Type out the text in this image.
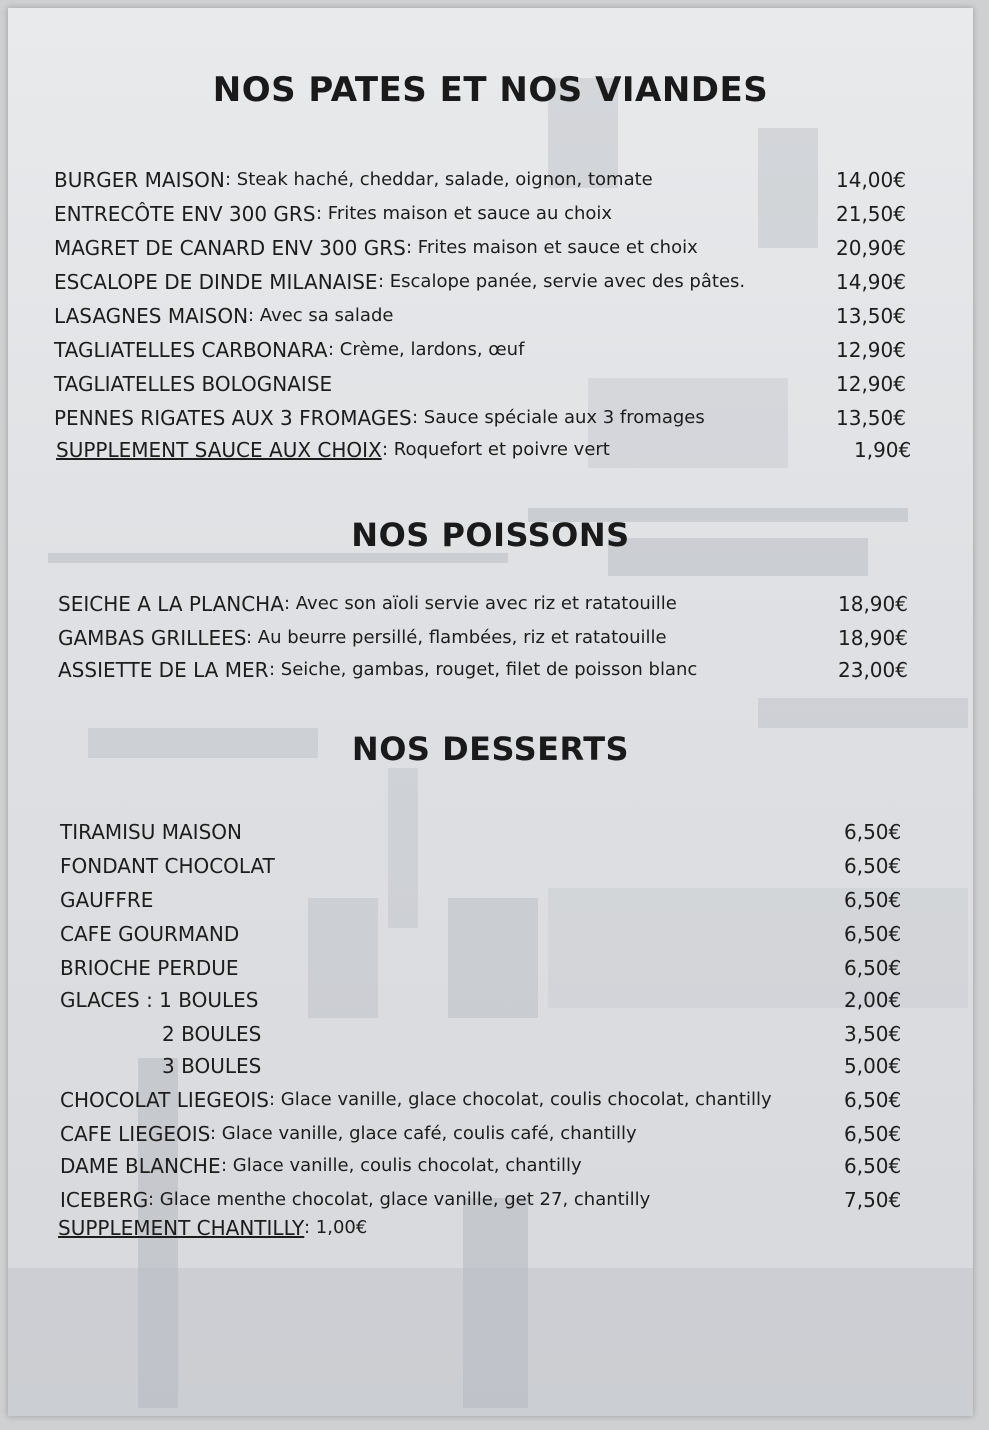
NOS PATES ET NOS VIANDES
BURGER MAISON : Steak haché, cheddar, salade, oignon, tomate	14,00€
ENTRECÔTE ENV 300 GRS : Frites maison et sauce au choix	21,50€
MAGRET DE CANARD ENV 300 GRS : Frites maison et sauce et choix	20,90€
ESCALOPE DE DINDE MILANAISE : Escalope panée, servie avec des pâtes.	14,90€
LASAGNES MAISON : Avec sa salade	13,50€
TAGLIATELLES CARBONARA : Crème, lardons, œuf	12,90€
TAGLIATELLES BOLOGNAISE	12,90€
PENNES RIGATES AUX 3 FROMAGES : Sauce spéciale aux 3 fromages	13,50€
SUPPLEMENT SAUCE AUX CHOIX : Roquefort et poivre vert	1,90€
SEICHE A LA PLANCHA : Avec son aïoli servie avec riz et ratatouille	18,90€
GAMBAS GRILLEES : Au beurre persillé, flambées, riz et ratatouille	18,90€
ASSIETTE DE LA MER : Seiche, gambas, rouget, filet de poisson blanc	23,00€
TIRAMISU MAISON	6,50€
FONDANT CHOCOLAT	6,50€
GAUFFRE	6,50€
CAFE GOURMAND	6,50€
BRIOCHE PERDUE	6,50€
GLACES : 1 BOULES	2,00€
2 BOULES	3,50€
3 BOULES	5,00€
CHOCOLAT LIEGEOIS : Glace vanille, glace chocolat, coulis chocolat, chantilly	6,50€
CAFE LIEGEOIS : Glace vanille, glace café, coulis café, chantilly	6,50€
DAME BLANCHE : Glace vanille, coulis chocolat, chantilly	6,50€
ICEBERG : Glace menthe chocolat, glace vanille, get 27, chantilly	7,50€
SUPPLEMENT CHANTILLY : 1,00€
NOS POISSONS
NOS DESSERTS
